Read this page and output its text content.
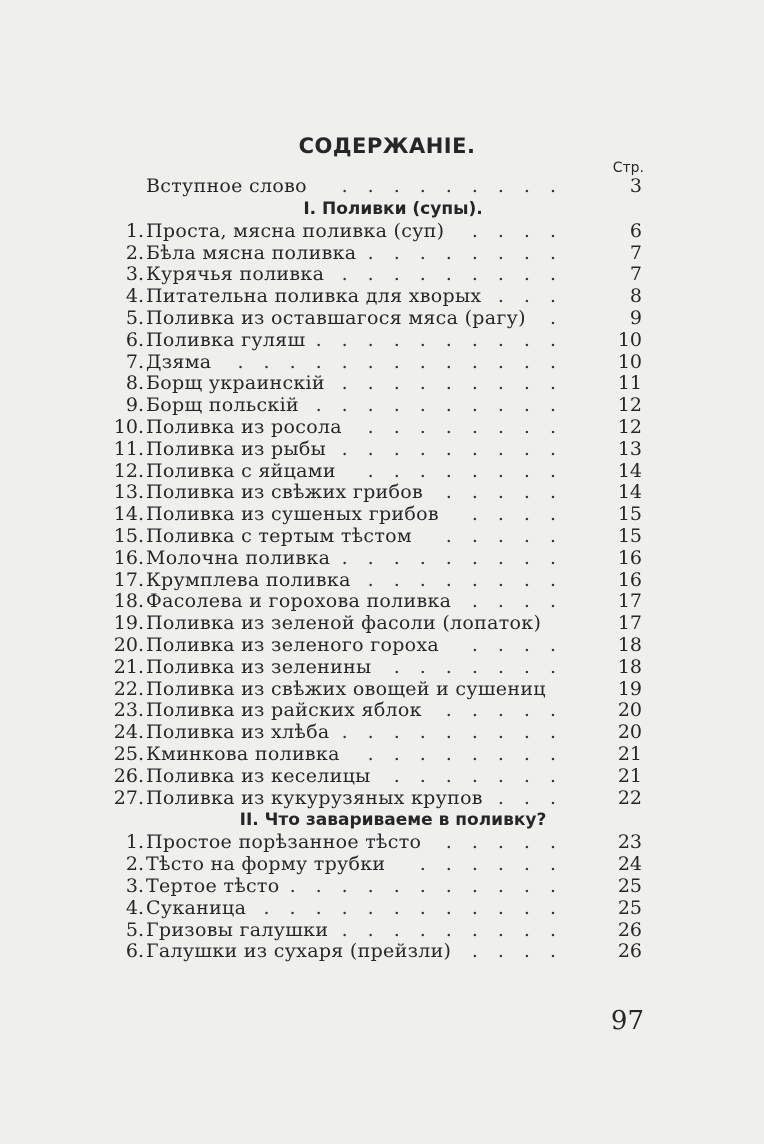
СОДЕРЖАНIЕ.
Стр.
Вступное слово .........	3
I. Поливки (супы).
1. Проста, мясна поливка (суп)	6
....
2. Бѣла мясна поливка	7
........
3. Курячья поливка	7
.........
4. Питательна поливка для хворых	8
...
5. Поливка из оставшагося мяса (рагу)	9
.
6. Поливка гуляш	10
..........
7. Дзяма	10
.............
8. Борщ украинскiй	11
.........
9. Борщ польскiй	12
..........
10. Поливка из росола	12
........
11. Поливка из рыбы	13
.........
12. Поливка с яйцами	14
........
13. Поливка из свѣжих грибов	14
.....
14. Поливка из сушеных грибов	15
....
15. Поливка с тертым тѣстом	15
.....
16. Молочна поливка	16
.........
17. Крумплева поливка	16
........
18. Фасолева и горохова поливка	17
....
19. Поливка из зеленой фасоли (лопаток)	17
20. Поливка из зеленого гороха	18
....
21. Поливка из зеленины	18
.......
22. Поливка из свѣжих овощей и сушениц	19
23. Поливка из райских яблок	20
.....
24. Поливка из хлѣба	20
.........
25. Кминкова поливка	21
........
26. Поливка из кеселицы	21
.......
27. Поливка из кукурузяных крупов	22
...
II. Что завариваеме в поливку?
1. Простое порѣзанное тѣсто	23
.....
2. Тѣсто на форму трубки	24
......
3. Тертое тѣсто	25
...........
4. Суканица	25
............
5. Гризовы галушки	26
.........
6. Галушки из сухаря (прейзли)	26
....
97
